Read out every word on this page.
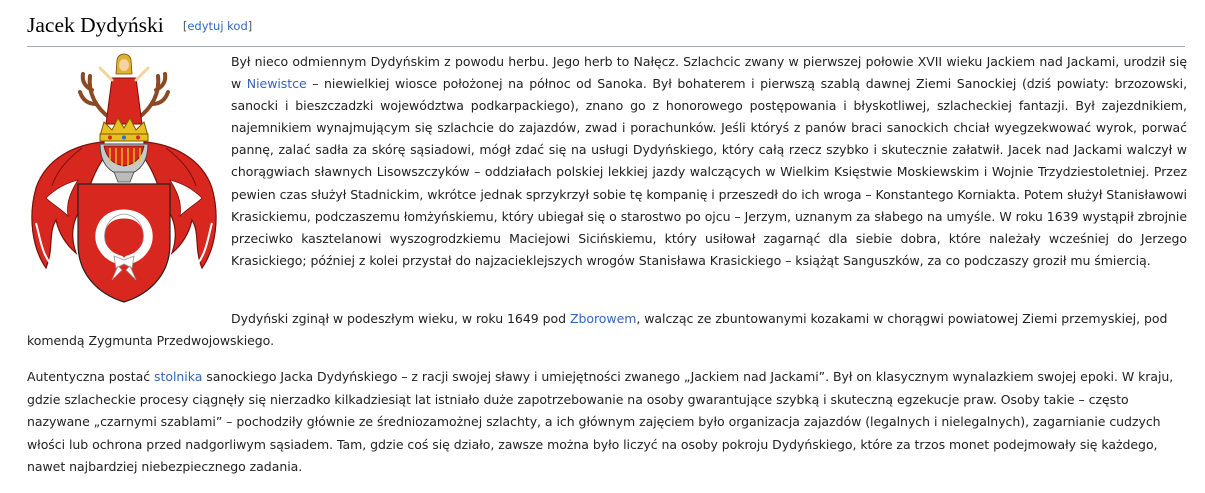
Jacek Dydyński [edytuj kod]

Był nieco odmiennym Dydyńskim z powodu herbu. Jego herb to Nałęcz. Szlachcic zwany w pierwszej połowie XVII wieku Jackiem nad Jackami, urodził się w Niewistce – niewielkiej wiosce położonej na północ od Sanoka. Był bohaterem i pierwszą szablą dawnej Ziemi Sanockiej (dziś powiaty: brzozowski, sanocki i bieszczadzki województwa podkarpackiego), znano go z honorowego postępowania i błyskotliwej, szlacheckiej fantazji. Był zajezdnikiem, najemnikiem wynajmującym się szlachcie do zajazdów, zwad i porachunków. Jeśli któryś z panów braci sanockich chciał wyegzekwować wyrok, porwać pannę, zalać sadła za skórę sąsiadowi, mógł zdać się na usługi Dydyńskiego, który całą rzecz szybko i skutecznie załatwił. Jacek nad Jackami walczył w chorągwiach sławnych Lisowszczyków – oddziałach polskiej lekkiej jazdy walczących w Wielkim Księstwie Moskiewskim i Wojnie Trzydziestoletniej. Przez pewien czas służył Stadnickim, wkrótce jednak sprzykrzył sobie tę kompanię i przeszedł do ich wroga – Konstantego Korniakta. Potem służył Stanisławowi Krasickiemu, podczaszemu łomżyńskiemu, który ubiegał się o starostwo po ojcu – Jerzym, uznanym za słabego na umyśle. W roku 1639 wystąpił zbrojnie przeciwko kasztelanowi wyszogrodzkiemu Maciejowi Sicińskiemu, który usiłował zagarnąć dla siebie dobra, które należały wcześniej do Jerzego Krasickiego; później z kolei przystał do najzacieklejszych wrogów Stanisława Krasickiego – książąt Sanguszków, za co podczaszy groził mu śmiercią.

Dydyński zginął w podeszłym wieku, w roku 1649 pod Zborowem, walcząc ze zbuntowanymi kozakami w chorągwi powiatowej Ziemi przemyskiej, pod komendą Zygmunta Przedwojowskiego.

Autentyczna postać stolnika sanockiego Jacka Dydyńskiego – z racji swojej sławy i umiejętności zwanego „Jackiem nad Jackami”. Był on klasycznym wynalazkiem swojej epoki. W kraju, gdzie szlacheckie procesy ciągnęły się nierzadko kilkadziesiąt lat istniało duże zapotrzebowanie na osoby gwarantujące szybką i skuteczną egzekucje praw. Osoby takie – często nazywane „czarnymi szablami” – pochodziły głównie ze średniozamożnej szlachty, a ich głównym zajęciem było organizacja zajazdów (legalnych i nielegalnych), zagarnianie cudzych włości lub ochrona przed nadgorliwym sąsiadem. Tam, gdzie coś się działo, zawsze można było liczyć na osoby pokroju Dydyńskiego, które za trzos monet podejmowały się każdego, nawet najbardziej niebezpiecznego zadania.
